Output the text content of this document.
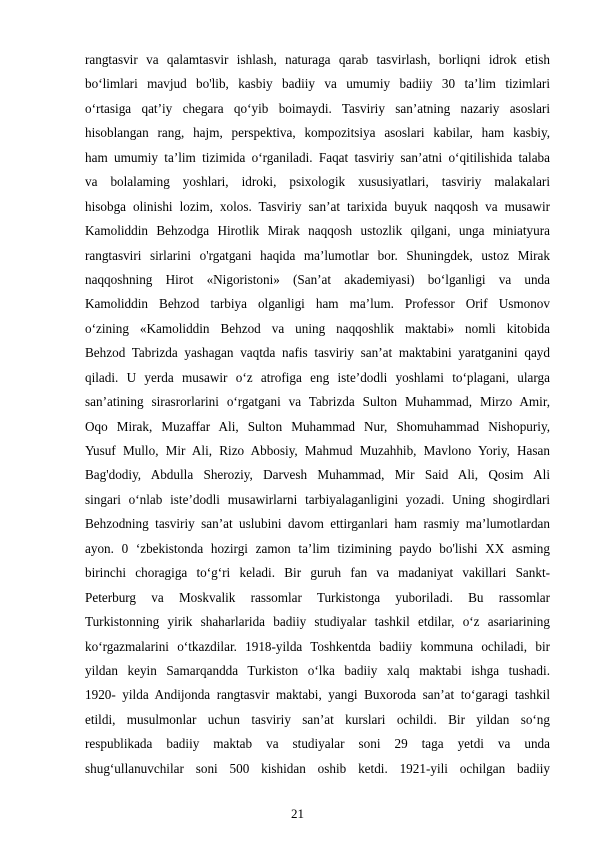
rangtasvir va qalamtasvir ishlash, naturaga qarab tasvirlash, borliqni idrok etish
bo‘limlari mavjud bo'lib, kasbiy badiiy va umumiy badiiy 30 ta’lim tizimlari
o‘rtasiga qat’iy chegara qo‘yib boimaydi. Tasviriy san’atning nazariy asoslari
hisoblangan rang, hajm, perspektiva, kompozitsiya asoslari kabilar, ham kasbiy,
ham umumiy ta’lim tizimida o‘rganiladi. Faqat tasviriy san’atni o‘qitilishida talaba
va bolalaming yoshlari, idroki, psixologik xususiyatlari, tasviriy malakalari
hisobga olinishi lozim, xolos. Tasviriy san’at tarixida buyuk naqqosh va musawir
Kamoliddin Behzodga Hirotlik Mirak naqqosh ustozlik qilgani, unga miniatyura
rangtasviri sirlarini o'rgatgani haqida ma’lumotlar bor. Shuningdek, ustoz Mirak
naqqoshning Hirot «Nigoristoni» (San’at akademiyasi) bo‘lganligi va unda
Kamoliddin Behzod tarbiya olganligi ham ma’lum. Professor Orif Usmonov
o‘zining «Kamoliddin Behzod va uning naqqoshlik maktabi» nomli kitobida
Behzod Tabrizda yashagan vaqtda nafis tasviriy san’at maktabini yaratganini qayd
qiladi. U yerda musawir o‘z atrofiga eng iste’dodli yoshlami to‘plagani, ularga
san’atining sirasrorlarini o‘rgatgani va Tabrizda Sulton Muhammad, Mirzo Amir,
Oqo Mirak, Muzaffar Ali, Sulton Muhammad Nur, Shomuhammad Nishopuriy,
Yusuf Mullo, Mir Ali, Rizo Abbosiy, Mahmud Muzahhib, Mavlono Yoriy, Hasan
Bag'dodiy, Abdulla Sheroziy, Darvesh Muhammad, Mir Said Ali, Qosim Ali
singari o‘nlab iste’dodli musawirlarni tarbiyalaganligini yozadi. Uning shogirdlari
Behzodning tasviriy san’at uslubini davom ettirganlari ham rasmiy ma’lumotlardan
ayon. 0 ‘zbekistonda hozirgi zamon ta’lim tizimining paydo bo'lishi XX asming
birinchi choragiga to‘g‘ri keladi. Bir guruh fan va madaniyat vakillari Sankt-
Peterburg va Moskvalik rassomlar Turkistonga yuboriladi. Bu rassomlar
Turkistonning yirik shaharlarida badiiy studiyalar tashkil etdilar, o‘z asariarining
ko‘rgazmalarini o‘tkazdilar. 1918-yilda Toshkentda badiiy kommuna ochiladi, bir
yildan keyin Samarqandda Turkiston o‘lka badiiy xalq maktabi ishga tushadi.
1920- yilda Andijonda rangtasvir maktabi, yangi Buxoroda san’at to‘garagi tashkil
etildi, musulmonlar uchun tasviriy san’at kurslari ochildi. Bir yildan so‘ng
respublikada badiiy maktab va studiyalar soni 29 taga yetdi va unda
shug‘ullanuvchilar soni 500 kishidan oshib ketdi. 1921-yili ochilgan badiiy
21
